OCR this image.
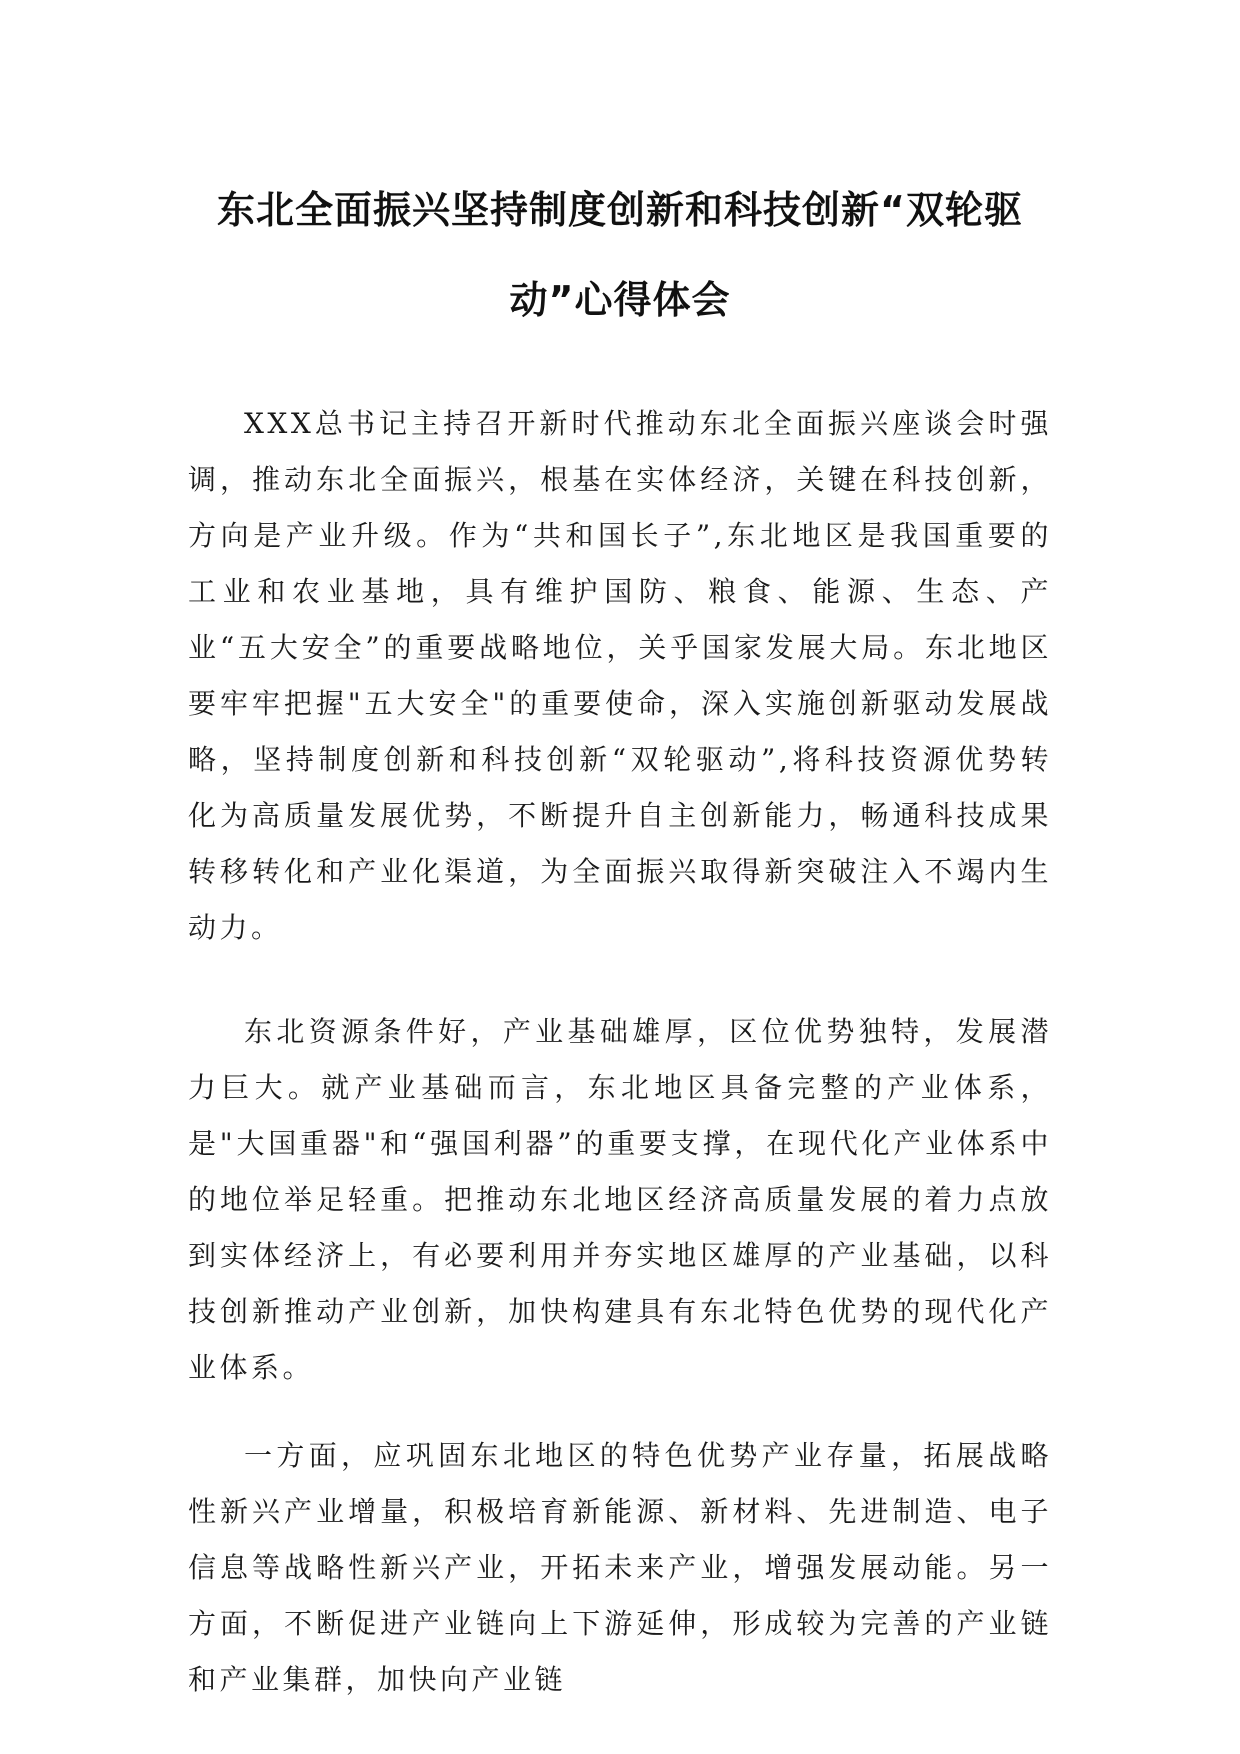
东北全面振兴坚持制度创新和科技创新“双轮驱
动”心得体会

XXX总书记主持召开新时代推动东北全面振兴座谈会时强调，推动东北全面振兴，根基在实体经济，关键在科技创新，方向是产业升级。作为“共和国长子”,东北地区是我国重要的工业和农业基地，具有维护国防、粮食、能源、生态、产业“五大安全”的重要战略地位，关乎国家发展大局。东北地区要牢牢把握"五大安全"的重要使命，深入实施创新驱动发展战略，坚持制度创新和科技创新“双轮驱动”,将科技资源优势转化为高质量发展优势，不断提升自主创新能力，畅通科技成果转移转化和产业化渠道，为全面振兴取得新突破注入不竭内生动力。

东北资源条件好，产业基础雄厚，区位优势独特，发展潜力巨大。就产业基础而言，东北地区具备完整的产业体系，是"大国重器"和“强国利器”的重要支撑，在现代化产业体系中的地位举足轻重。把推动东北地区经济高质量发展的着力点放到实体经济上，有必要利用并夯实地区雄厚的产业基础，以科技创新推动产业创新，加快构建具有东北特色优势的现代化产业体系。

一方面，应巩固东北地区的特色优势产业存量，拓展战略性新兴产业增量，积极培育新能源、新材料、先进制造、电子信息等战略性新兴产业，开拓未来产业，增强发展动能。另一方面，不断促进产业链向上下游延伸，形成较为完善的产业链和产业集群，加快向产业链
